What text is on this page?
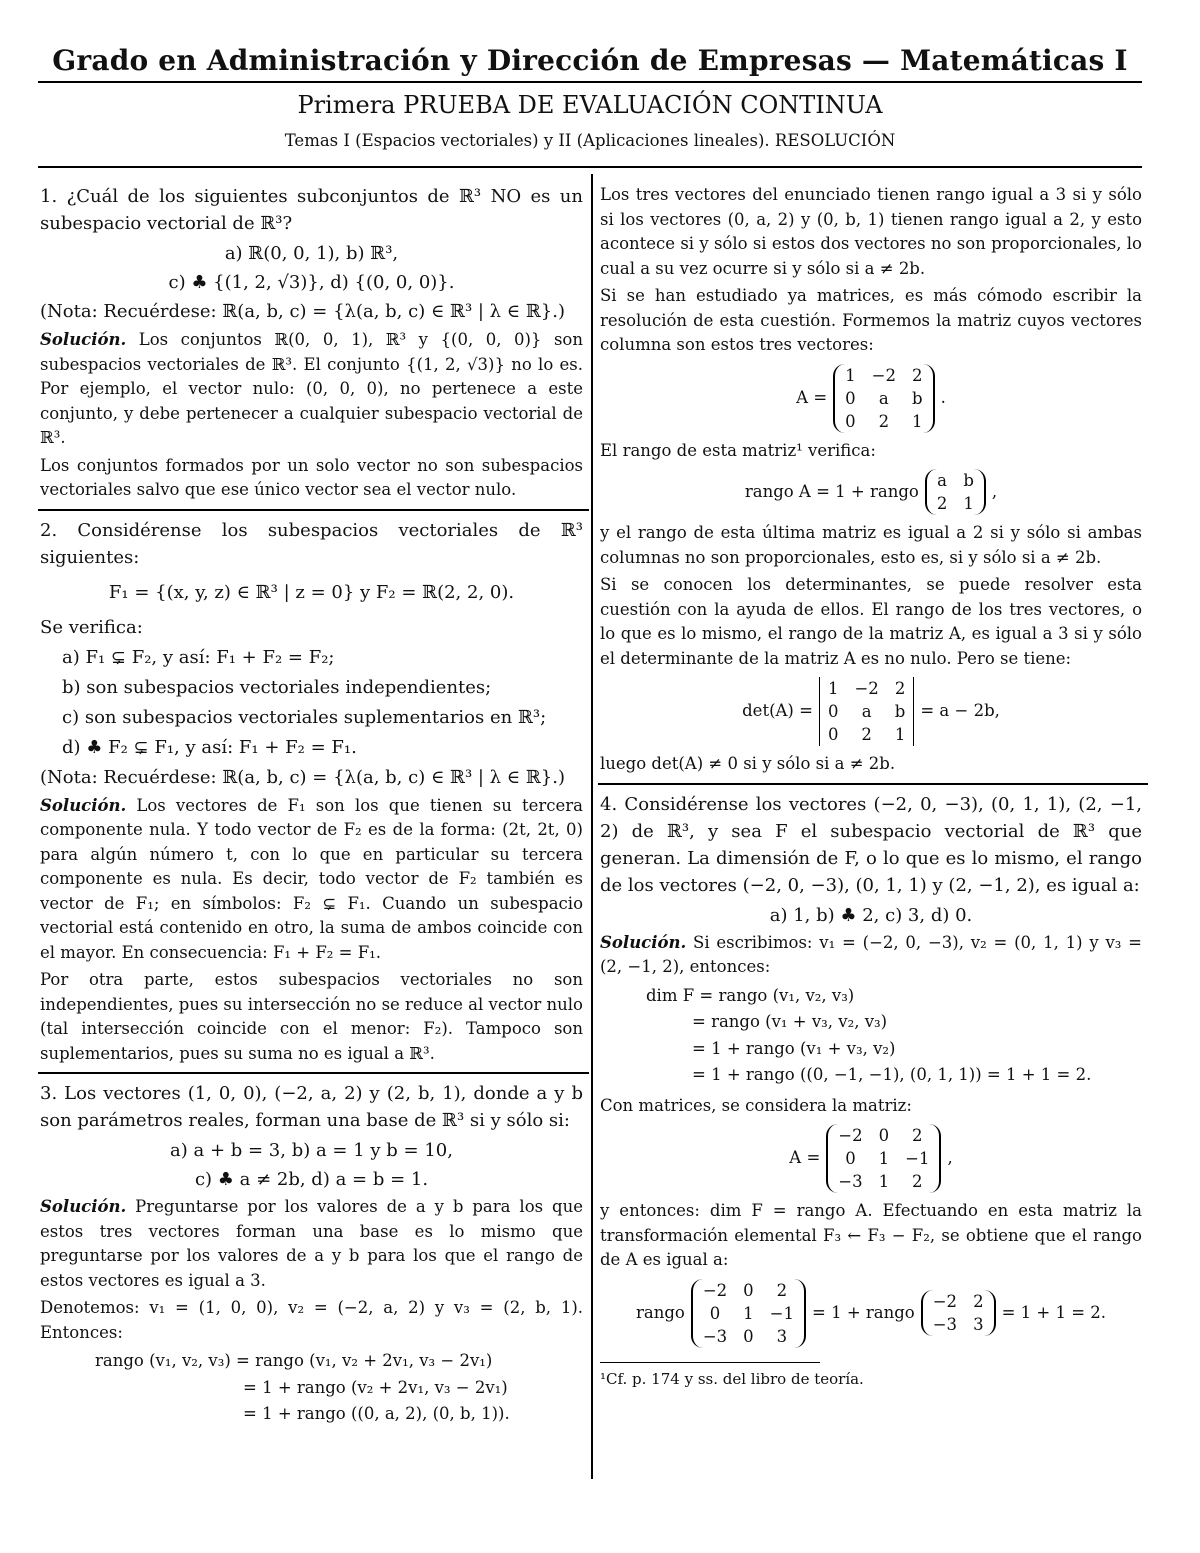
Grado en Administración y Dirección de Empresas — Matemáticas I
Primera PRUEBA DE EVALUACIÓN CONTINUA
Temas I (Espacios vectoriales) y II (Aplicaciones lineales). RESOLUCIÓN

1. ¿Cuál de los siguientes subconjuntos de ℝ³ NO es un subespacio vectorial de ℝ³?

a) ℝ(0, 0, 1), b) ℝ³,
c) ♣ {(1, 2, √3)}, d) {(0, 0, 0)}.

(Nota: Recuérdese: ℝ(a, b, c) = {λ(a, b, c) ∈ ℝ³ | λ ∈ ℝ}.)

Solución. Los conjuntos ℝ(0, 0, 1), ℝ³ y {(0, 0, 0)} son subespacios vectoriales de ℝ³. El conjunto {(1, 2, √3)} no lo es. Por ejemplo, el vector nulo: (0, 0, 0), no pertenece a este conjunto, y debe pertenecer a cualquier subespacio vectorial de ℝ³.

Los conjuntos formados por un solo vector no son subespacios vectoriales salvo que ese único vector sea el vector nulo.

2. Considérense los subespacios vectoriales de ℝ³ siguientes:

F₁ = {(x, y, z) ∈ ℝ³ | z = 0} y F₂ = ℝ(2, 2, 0).

Se verifica:

a) F₁ ⊊ F₂, y así: F₁ + F₂ = F₂;
b) son subespacios vectoriales independientes;
c) son subespacios vectoriales suplementarios en ℝ³;
d) ♣ F₂ ⊊ F₁, y así: F₁ + F₂ = F₁.

(Nota: Recuérdese: ℝ(a, b, c) = {λ(a, b, c) ∈ ℝ³ | λ ∈ ℝ}.)

Solución. Los vectores de F₁ son los que tienen su tercera componente nula. Y todo vector de F₂ es de la forma: (2t, 2t, 0) para algún número t, con lo que en particular su tercera componente es nula. Es decir, todo vector de F₂ también es vector de F₁; en símbolos: F₂ ⊊ F₁. Cuando un subespacio vectorial está contenido en otro, la suma de ambos coincide con el mayor. En consecuencia: F₁ + F₂ = F₁.

Por otra parte, estos subespacios vectoriales no son independientes, pues su intersección no se reduce al vector nulo (tal intersección coincide con el menor: F₂). Tampoco son suplementarios, pues su suma no es igual a ℝ³.

3. Los vectores (1, 0, 0), (−2, a, 2) y (2, b, 1), donde a y b son parámetros reales, forman una base de ℝ³ si y sólo si:

a) a + b = 3, b) a = 1 y b = 10,
c) ♣ a ≠ 2b, d) a = b = 1.

Solución. Preguntarse por los valores de a y b para los que estos tres vectores forman una base es lo mismo que preguntarse por los valores de a y b para los que el rango de estos vectores es igual a 3.

Denotemos: v₁ = (1, 0, 0), v₂ = (−2, a, 2) y v₃ = (2, b, 1). Entonces:

rango (v₁, v₂, v₃) = rango (v₁, v₂ + 2v₁, v₃ − 2v₁)
= 1 + rango (v₂ + 2v₁, v₃ − 2v₁)
= 1 + rango ((0, a, 2), (0, b, 1)).

Los tres vectores del enunciado tienen rango igual a 3 si y sólo si los vectores (0, a, 2) y (0, b, 1) tienen rango igual a 2, y esto acontece si y sólo si estos dos vectores no son proporcionales, lo cual a su vez ocurre si y sólo si a ≠ 2b.

Si se han estudiado ya matrices, es más cómodo escribir la resolución de esta cuestión. Formemos la matriz cuyos vectores columna son estos tres vectores:

A =
1 −2 2
0	a	b
0	2	1
.

El rango de esta matriz¹ verifica:

rango A = 1 + rango
a b
2 1
,

y el rango de esta última matriz es igual a 2 si y sólo si ambas columnas no son proporcionales, esto es, si y sólo si a ≠ 2b.

Si se conocen los determinantes, se puede resolver esta cuestión con la ayuda de ellos. El rango de los tres vectores, o lo que es lo mismo, el rango de la matriz A, es igual a 3 si y sólo el determinante de la matriz A es no nulo. Pero se tiene:

det(A) =
1 −2 2
0	a	b
0	2	1
= a − 2b,

luego det(A) ≠ 0 si y sólo si a ≠ 2b.

4. Considérense los vectores (−2, 0, −3), (0, 1, 1), (2, −1, 2) de ℝ³, y sea F el subespacio vectorial de ℝ³ que generan. La dimensión de F, o lo que es lo mismo, el rango de los vectores (−2, 0, −3), (0, 1, 1) y (2, −1, 2), es igual a:

a) 1, b) ♣ 2, c) 3, d) 0.

Solución. Si escribimos: v₁ = (−2, 0, −3), v₂ = (0, 1, 1) y v₃ = (2, −1, 2), entonces:

dim F = rango (v₁, v₂, v₃)
= rango (v₁ + v₃, v₂, v₃)
= 1 + rango (v₁ + v₃, v₂)
= 1 + rango ((0, −1, −1), (0, 1, 1)) = 1 + 1 = 2.

Con matrices, se considera la matriz:

A =
−2 0	2
0	1 −1
−3 1	2
,

y entonces: dim F = rango A. Efectuando en esta matriz la transformación elemental F₃ ← F₃ − F₂, se obtiene que el rango de A es igual a:

rango
−2 0	2
0	1 −1
−3 0	3
= 1 + rango
−2 2
−3 3
= 1 + 1 = 2.
¹Cf. p. 174 y ss. del libro de teoría.
